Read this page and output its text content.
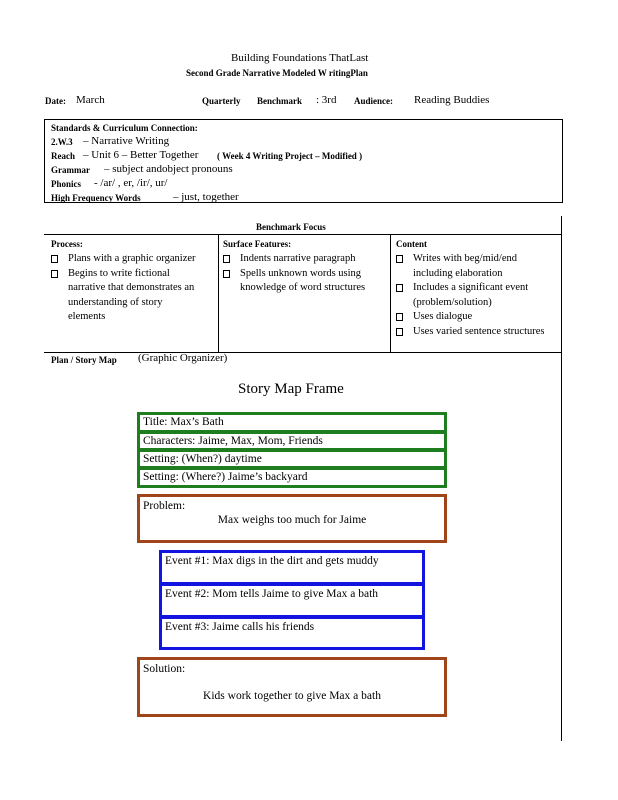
Building Foundations ThatLast
Second Grade Narrative Modeled W ritingPlan
Date: March	Quarterly Benchmark : 3rd Audience: Reading Buddies
Standards & Curriculum Connection:
2.W.3 – Narrative Writing
Reach – Unit 6 – Better Together ( Week 4 Writing Project – Modified )
Grammar – subject andobject pronouns
Phonics - /ar/ , er, /ir/, ur/
High Frequency Words	– just, together
Benchmark Focus
Process:
Plans with a graphic organizer
Begins to write fictional narrative that demonstrates an understanding of story elements
Surface Features:
Indents narrative paragraph
Spells unknown words using knowledge of word structures
Content
Writes with beg/mid/end including elaboration
Includes a significant event (problem/solution)
Uses dialogue
Uses varied sentence structures
Plan / Story Map (Graphic Organizer)
Story Map Frame
Title: Max’s Bath
Characters: Jaime, Max, Mom, Friends
Setting: (When?) daytime
Setting: (Where?) Jaime’s backyard
Problem:
Max weighs too much for Jaime
Event #1: Max digs in the dirt and gets muddy
Event #2: Mom tells Jaime to give Max a bath
Event #3: Jaime calls his friends
Solution:
Kids work together to give Max a bath
